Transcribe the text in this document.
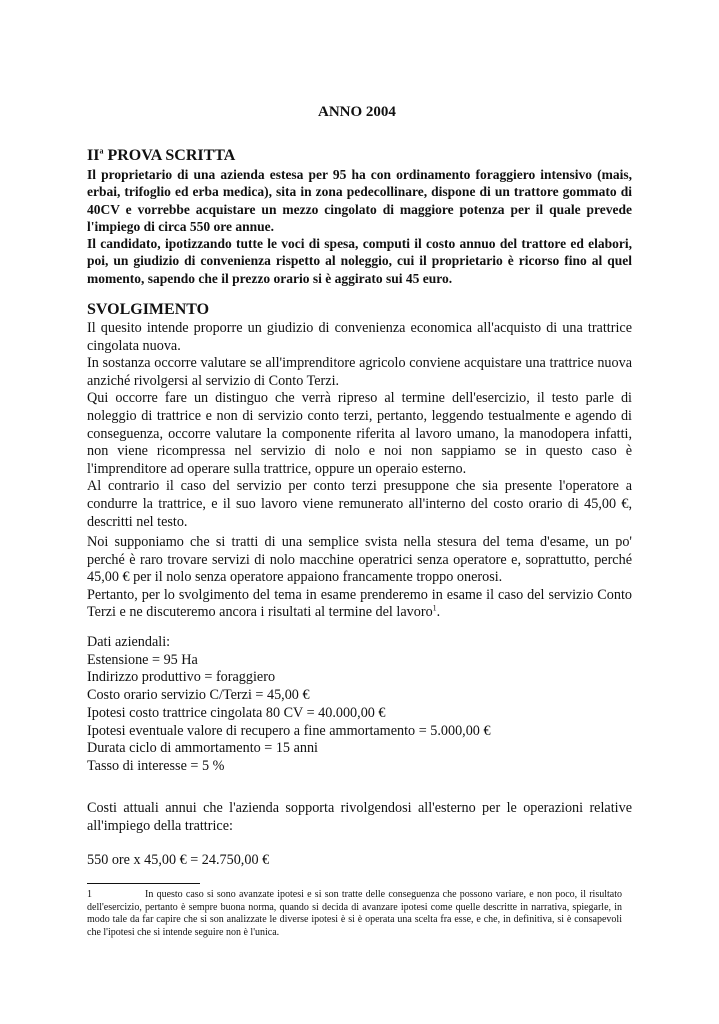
ANNO 2004
$II^a$ PROVA SCRITTA

Il proprietario di una azienda estesa per 95 ha con ordinamento foraggiero intensivo (mais, erbai, trifoglio ed erba medica), sita in zona pedecollinare, dispone di un trattore gommato di 40CV e vorrebbe acquistare un mezzo cingolato di maggiore potenza per il quale prevede l'impiego di circa 550 ore annue.

Il candidato, ipotizzando tutte le voci di spesa, computi il costo annuo del trattore ed elabori, poi, un giudizio di convenienza rispetto al noleggio, cui il proprietario è ricorso fino al quel momento, sapendo che il prezzo orario si è aggirato sui 45 euro.

SVOLGIMENTO

Il quesito intende proporre un giudizio di convenienza economica all'acquisto di una trattrice cingolata nuova.

In sostanza occorre valutare se all'imprenditore agricolo conviene acquistare una trattrice nuova anziché rivolgersi al servizio di Conto Terzi.

Qui occorre fare un distinguo che verrà ripreso al termine dell'esercizio, il testo parle di noleggio di trattrice e non di servizio conto terzi, pertanto, leggendo testualmente e agendo di conseguenza, occorre valutare la componente riferita al lavoro umano, la manodopera infatti, non viene ricompressa nel servizio di nolo e noi non sappiamo se in questo caso è l'imprenditore ad operare sulla trattrice, oppure un operaio esterno.

Al contrario il caso del servizio per conto terzi presuppone che sia presente l'operatore a condurre la trattrice, e il suo lavoro viene remunerato all'interno del costo orario di 45,00 €, descritti nel testo.

Noi supponiamo che si tratti di una semplice svista nella stesura del tema d'esame, un po' perché è raro trovare servizi di nolo macchine operatrici senza operatore e, soprattutto, perché 45,00 € per il nolo senza operatore appaiono francamente troppo onerosi.

Pertanto, per lo svolgimento del tema in esame prenderemo in esame il caso del servizio Conto Terzi e ne discuteremo ancora i risultati al termine del lavoro$^1$.

Dati aziendali:
Estensione = 95 Ha
Indirizzo produttivo = foraggiero
Costo orario servizio C/Terzi = 45,00 €
Ipotesi costo trattrice cingolata 80 CV = 40.000,00 €
Ipotesi eventuale valore di recupero a fine ammortamento = 5.000,00 €
Durata ciclo di ammortamento = 15 anni
Tasso di interesse = 5 %

Costi attuali annui che l'azienda sopporta rivolgendosi all'esterno per le operazioni relative all'impiego della trattrice:

550 ore x 45,00 € = 24.750,00 €

1	In questo caso si sono avanzate ipotesi e si son tratte delle conseguenza che possono variare, e non poco, il risultato dell'esercizio, pertanto è sempre buona norma, quando si decida di avanzare ipotesi come quelle descritte in narrativa, spiegarle, in modo tale da far capire che si son analizzate le diverse ipotesi è si è operata una scelta fra esse, e che, in definitiva, si è consapevoli che l'ipotesi che si intende seguire non è l'unica.
